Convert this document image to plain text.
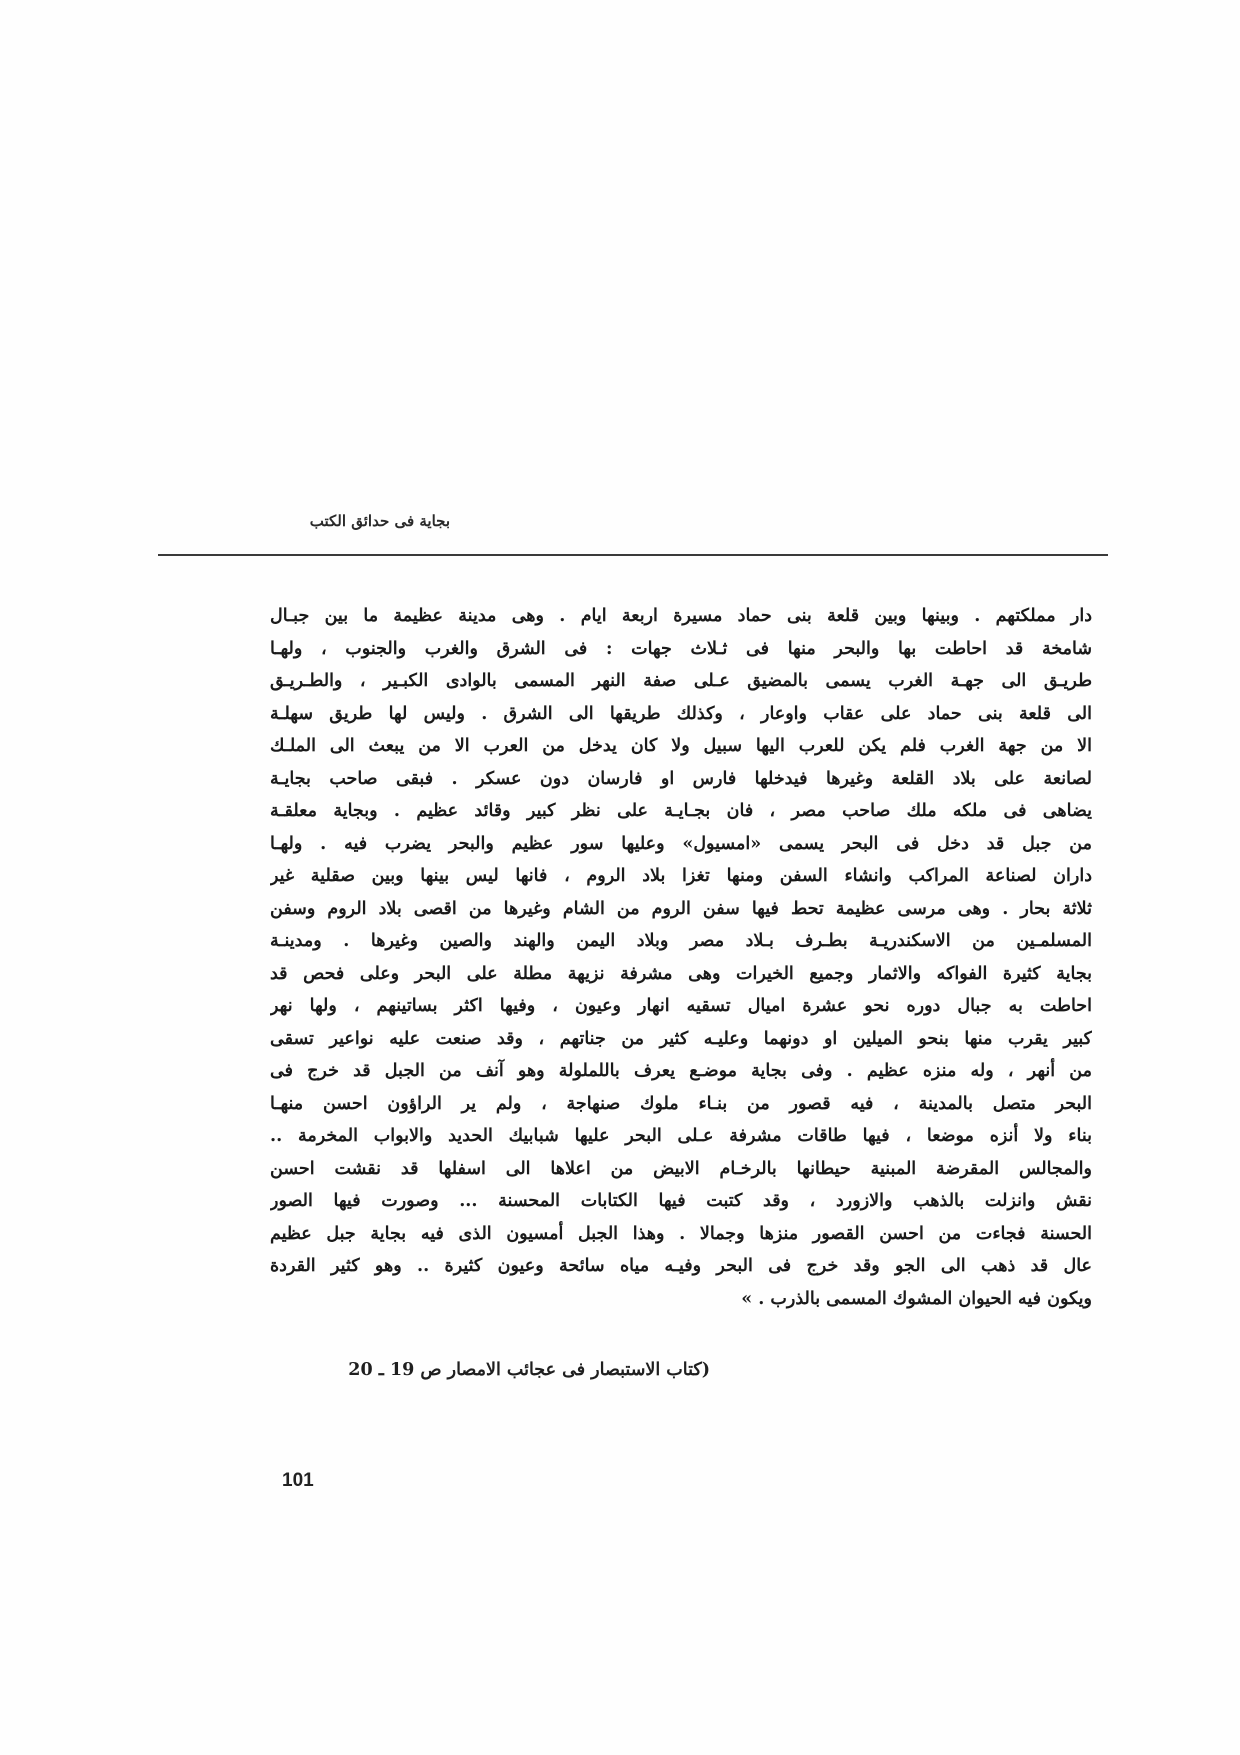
بجاية فى حدائق الكتب
دار مملكتهم . وبينها وبين قلعة بنى حماد مسيرة اربعة ايام . وهى مدينة عظيمة ما بين جبـال
شامخة قد احاطت بها والبحر منها فى ثـلاث جهات : فى الشرق والغرب والجنوب ، ولهـا
طريـق الى جهـة الغرب يسمى بالمضيق عـلى صفة النهر المسمى بالوادى الكبـير ، والطـريـق
الى قلعة بنى حماد على عقاب واوعار ، وكذلك طريقها الى الشرق . وليس لها طريق سهلـة
الا من جهة الغرب فلم يكن للعرب اليها سبيل ولا كان يدخل من العرب الا من يبعث الى الملـك
لصانعة على بلاد القلعة وغيرها فيدخلها فارس او فارسان دون عسكر . فبقى صاحب بجايـة
يضاهى فى ملكه ملك صاحب مصر ، فان بجـايـة على نظر كبير وقائد عظيم . وبجاية معلقـة
من جبل قد دخل فى البحر يسمى «امسيول» وعليها سور عظيم والبحر يضرب فيه . ولهـا
داران لصناعة المراكب وانشاء السفن ومنها تغزا بلاد الروم ، فانها ليس بينها وبين صقلية غير
ثلاثة بحار . وهى مرسى عظيمة تحط فيها سفن الروم من الشام وغيرها من اقصى بلاد الروم وسفن
المسلمـين من الاسكندريـة بطـرف بـلاد مصر وبلاد اليمن والهند والصين وغيرها . ومدينـة
بجاية كثيرة الفواكه والاثمار وجميع الخيرات وهى مشرفة نزيهة مطلة على البحر وعلى فحص قد
احاطت به جبال دوره نحو عشرة اميال تسقيه انهار وعيون ، وفيها اكثر بساتينهم ، ولها نهر
كبير يقرب منها بنحو الميلين او دونهما وعليـه كثير من جناتهم ، وقد صنعت عليه نواعير تسقى
من أنهر ، وله منزه عظيم . وفى بجاية موضـع يعرف باللملولة وهو آنف من الجبل قد خرج فى
البحر متصل بالمدينة ، فيه قصور من بنـاء ملوك صنهاجة ، ولم ير الراؤون احسن منهـا
بناء ولا أنزه موضعا ، فيها طاقات مشرفة عـلى البحر عليها شبابيك الحديد والابواب المخرمة ..
والمجالس المقرضة المبنية حيطانها بالرخـام الابيض من اعلاها الى اسفلها قد نقشت احسن
نقش وانزلت بالذهب والازورد ، وقد كتبت فيها الكتابات المحسنة ... وصورت فيها الصور
الحسنة فجاءت من احسن القصور منزها وجمالا . وهذا الجبل أمسيون الذى فيه بجاية جبل عظيم
عال قد ذهب الى الجو وقد خرج فى البحر وفيـه مياه سائحة وعيون كثيرة .. وهو كثير القردة
ويكون فيه الحيوان المشوك المسمى بالذرب . »
(كتاب الاستبصار فى عجائب الامصار ص 19 ـ 20
101
